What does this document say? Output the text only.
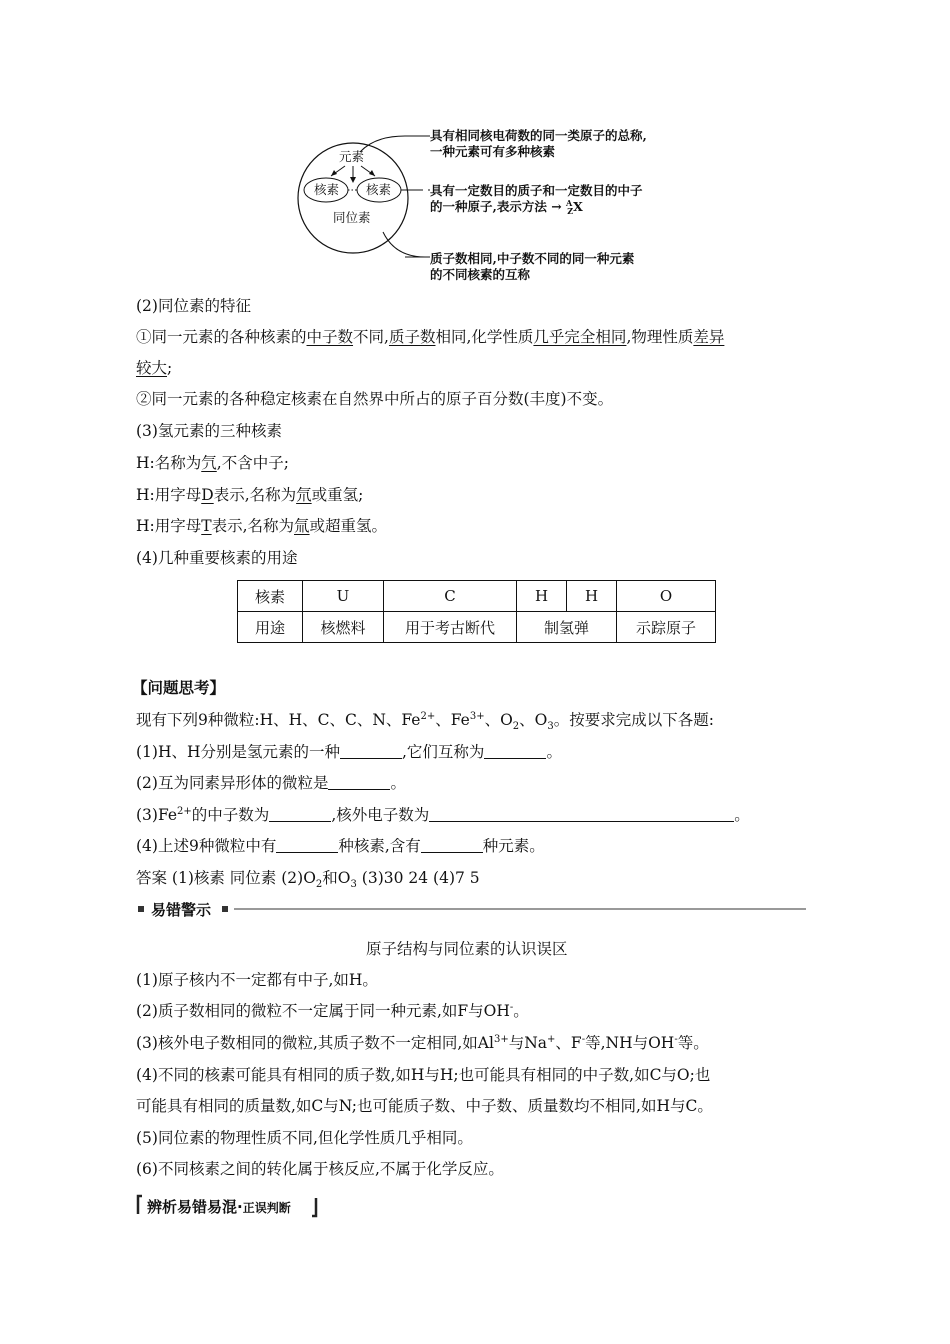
元素
核素 核素
同位素
具有相同核电荷数的同一类原子的总称,
一种元素可有多种核素
具有一定数目的质子和一定数目的中子
的一种原子,表示方法 → $^A_Z$X
质子数相同,中子数不同的同一种元素
的不同核素的互称
(2)同位素的特征
①同一元素的各种核素的中子数不同,质子数相同,化学性质几乎完全相同,物理性质差异
较大;
②同一元素的各种稳定核素在自然界中所占的原子百分数(丰度)不变。
(3)氢元素的三种核素
H:名称为氕,不含中子;
H:用字母D表示,名称为氘或重氢;
H:用字母T表示,名称为氚或超重氢。
(4)几种重要核素的用途
核素	U	C	H	H	O
用途	核燃料	用于考古断代	制氢弹		示踪原子
【问题思考】
现有下列9种微粒:H、H、C、C、N、$Fe^{2+}$、$Fe^{3+}$、$O_2$、$O_3$。按要求完成以下各题:
(1)H、H分别是氢元素的一种	,它们互称为	。
(2)互为同素异形体的微粒是	。
$(3)Fe^{2+}$的中子数为	,核外电子数为	。
(4)上述9种微粒中有	种核素,含有	种元素。
答案 (1)核素 同位素 $(2)O_2$和$O_3$ (3)30 24 (4)7 5
易错警示
原子结构与同位素的认识误区
(1)原子核内不一定都有中子,如H。
(2)质子数相同的微粒不一定属于同一种元素,如F与OH-。
(3)核外电子数相同的微粒,其质子数不一定相同,如$Al^{3+}$与Na+、F-等,NH与OH-等。
(4)不同的核素可能具有相同的质子数,如H与H;也可能具有相同的中子数,如C与O;也
可能具有相同的质量数,如C与N;也可能质子数、中子数、质量数均不相同,如H与C。
(5)同位素的物理性质不同,但化学性质几乎相同。
(6)不同核素之间的转化属于核反应,不属于化学反应。
辨析易错易混·正误判断
